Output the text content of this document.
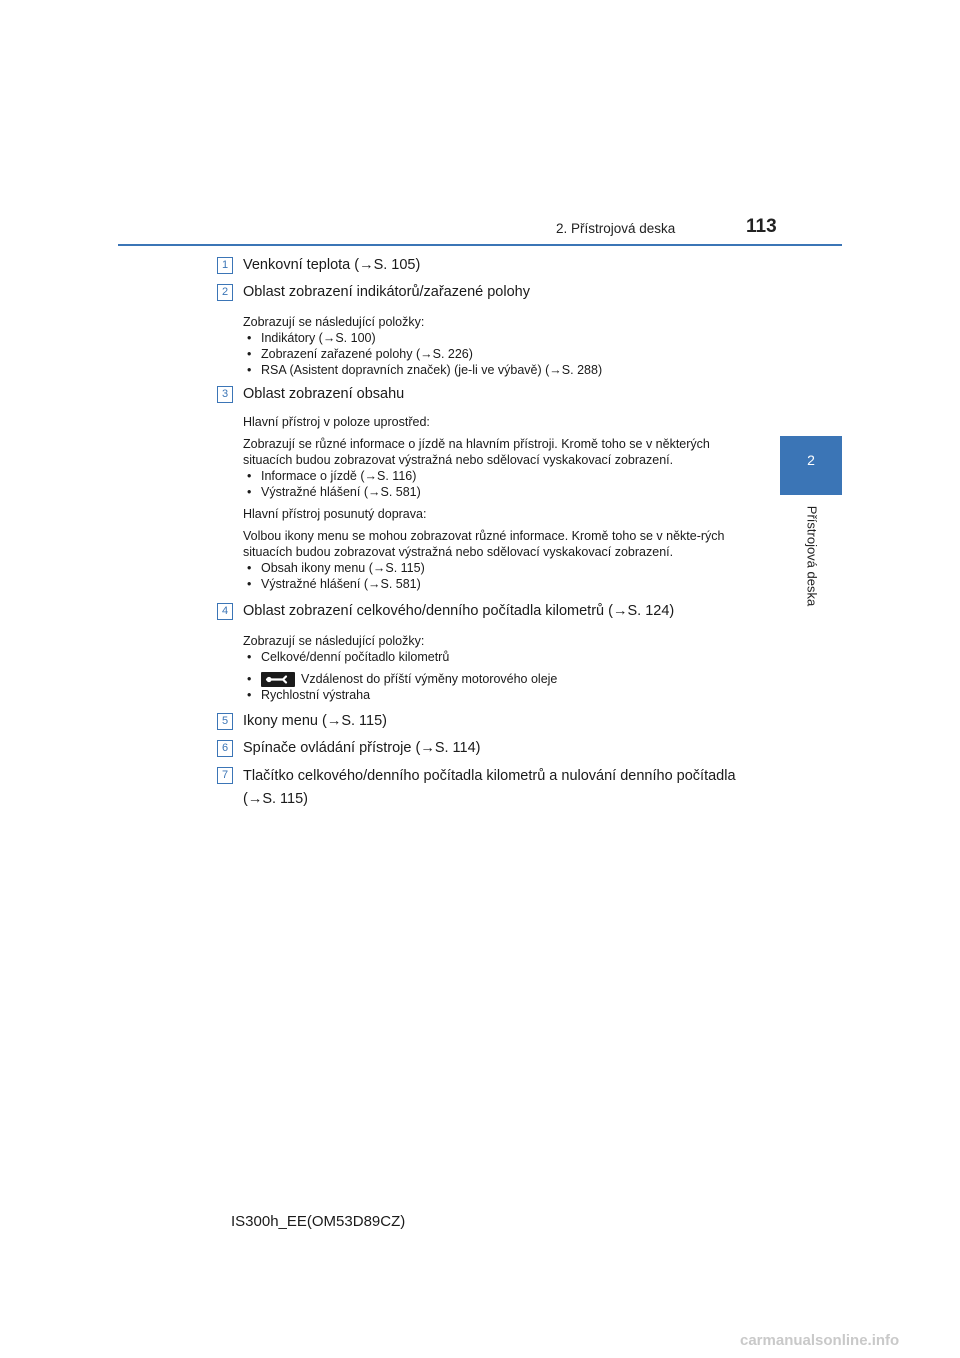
2. Přístrojová deska	113
2
Přístrojová deska
1	Venkovní teplota (→S. 105)
2	Oblast zobrazení indikátorů/zařazené polohy
Zobrazují se následující položky:
• Indikátory (→S. 100)
• Zobrazení zařazené polohy (→S. 226)
• RSA (Asistent dopravních značek) (je-li ve výbavě) (→S. 288)
3	Oblast zobrazení obsahu
Hlavní přístroj v poloze uprostřed:
Zobrazují se různé informace o jízdě na hlavním přístroji. Kromě toho se v některých situacích budou zobrazovat výstražná nebo sdělovací vyskakovací zobrazení.
• Informace o jízdě (→S. 116)
• Výstražné hlášení (→S. 581)
Hlavní přístroj posunutý doprava:
Volbou ikony menu se mohou zobrazovat různé informace. Kromě toho se v někte-rých situacích budou zobrazovat výstražná nebo sdělovací vyskakovací zobrazení.
• Obsah ikony menu (→S. 115)
• Výstražné hlášení (→S. 581)
4	Oblast zobrazení celkového/denního počítadla kilometrů (→S. 124)
Zobrazují se následující položky:
• Celkové/denní počítadlo kilometrů
• Vzdálenost do příští výměny motorového oleje
• Rychlostní výstraha
5	Ikony menu (→S. 115)
6	Spínače ovládání přístroje (→S. 114)
7	Tlačítko celkového/denního počítadla kilometrů a nulování denního počítadla (→S. 115)
IS300h_EE(OM53D89CZ)
carmanualsonline.info
